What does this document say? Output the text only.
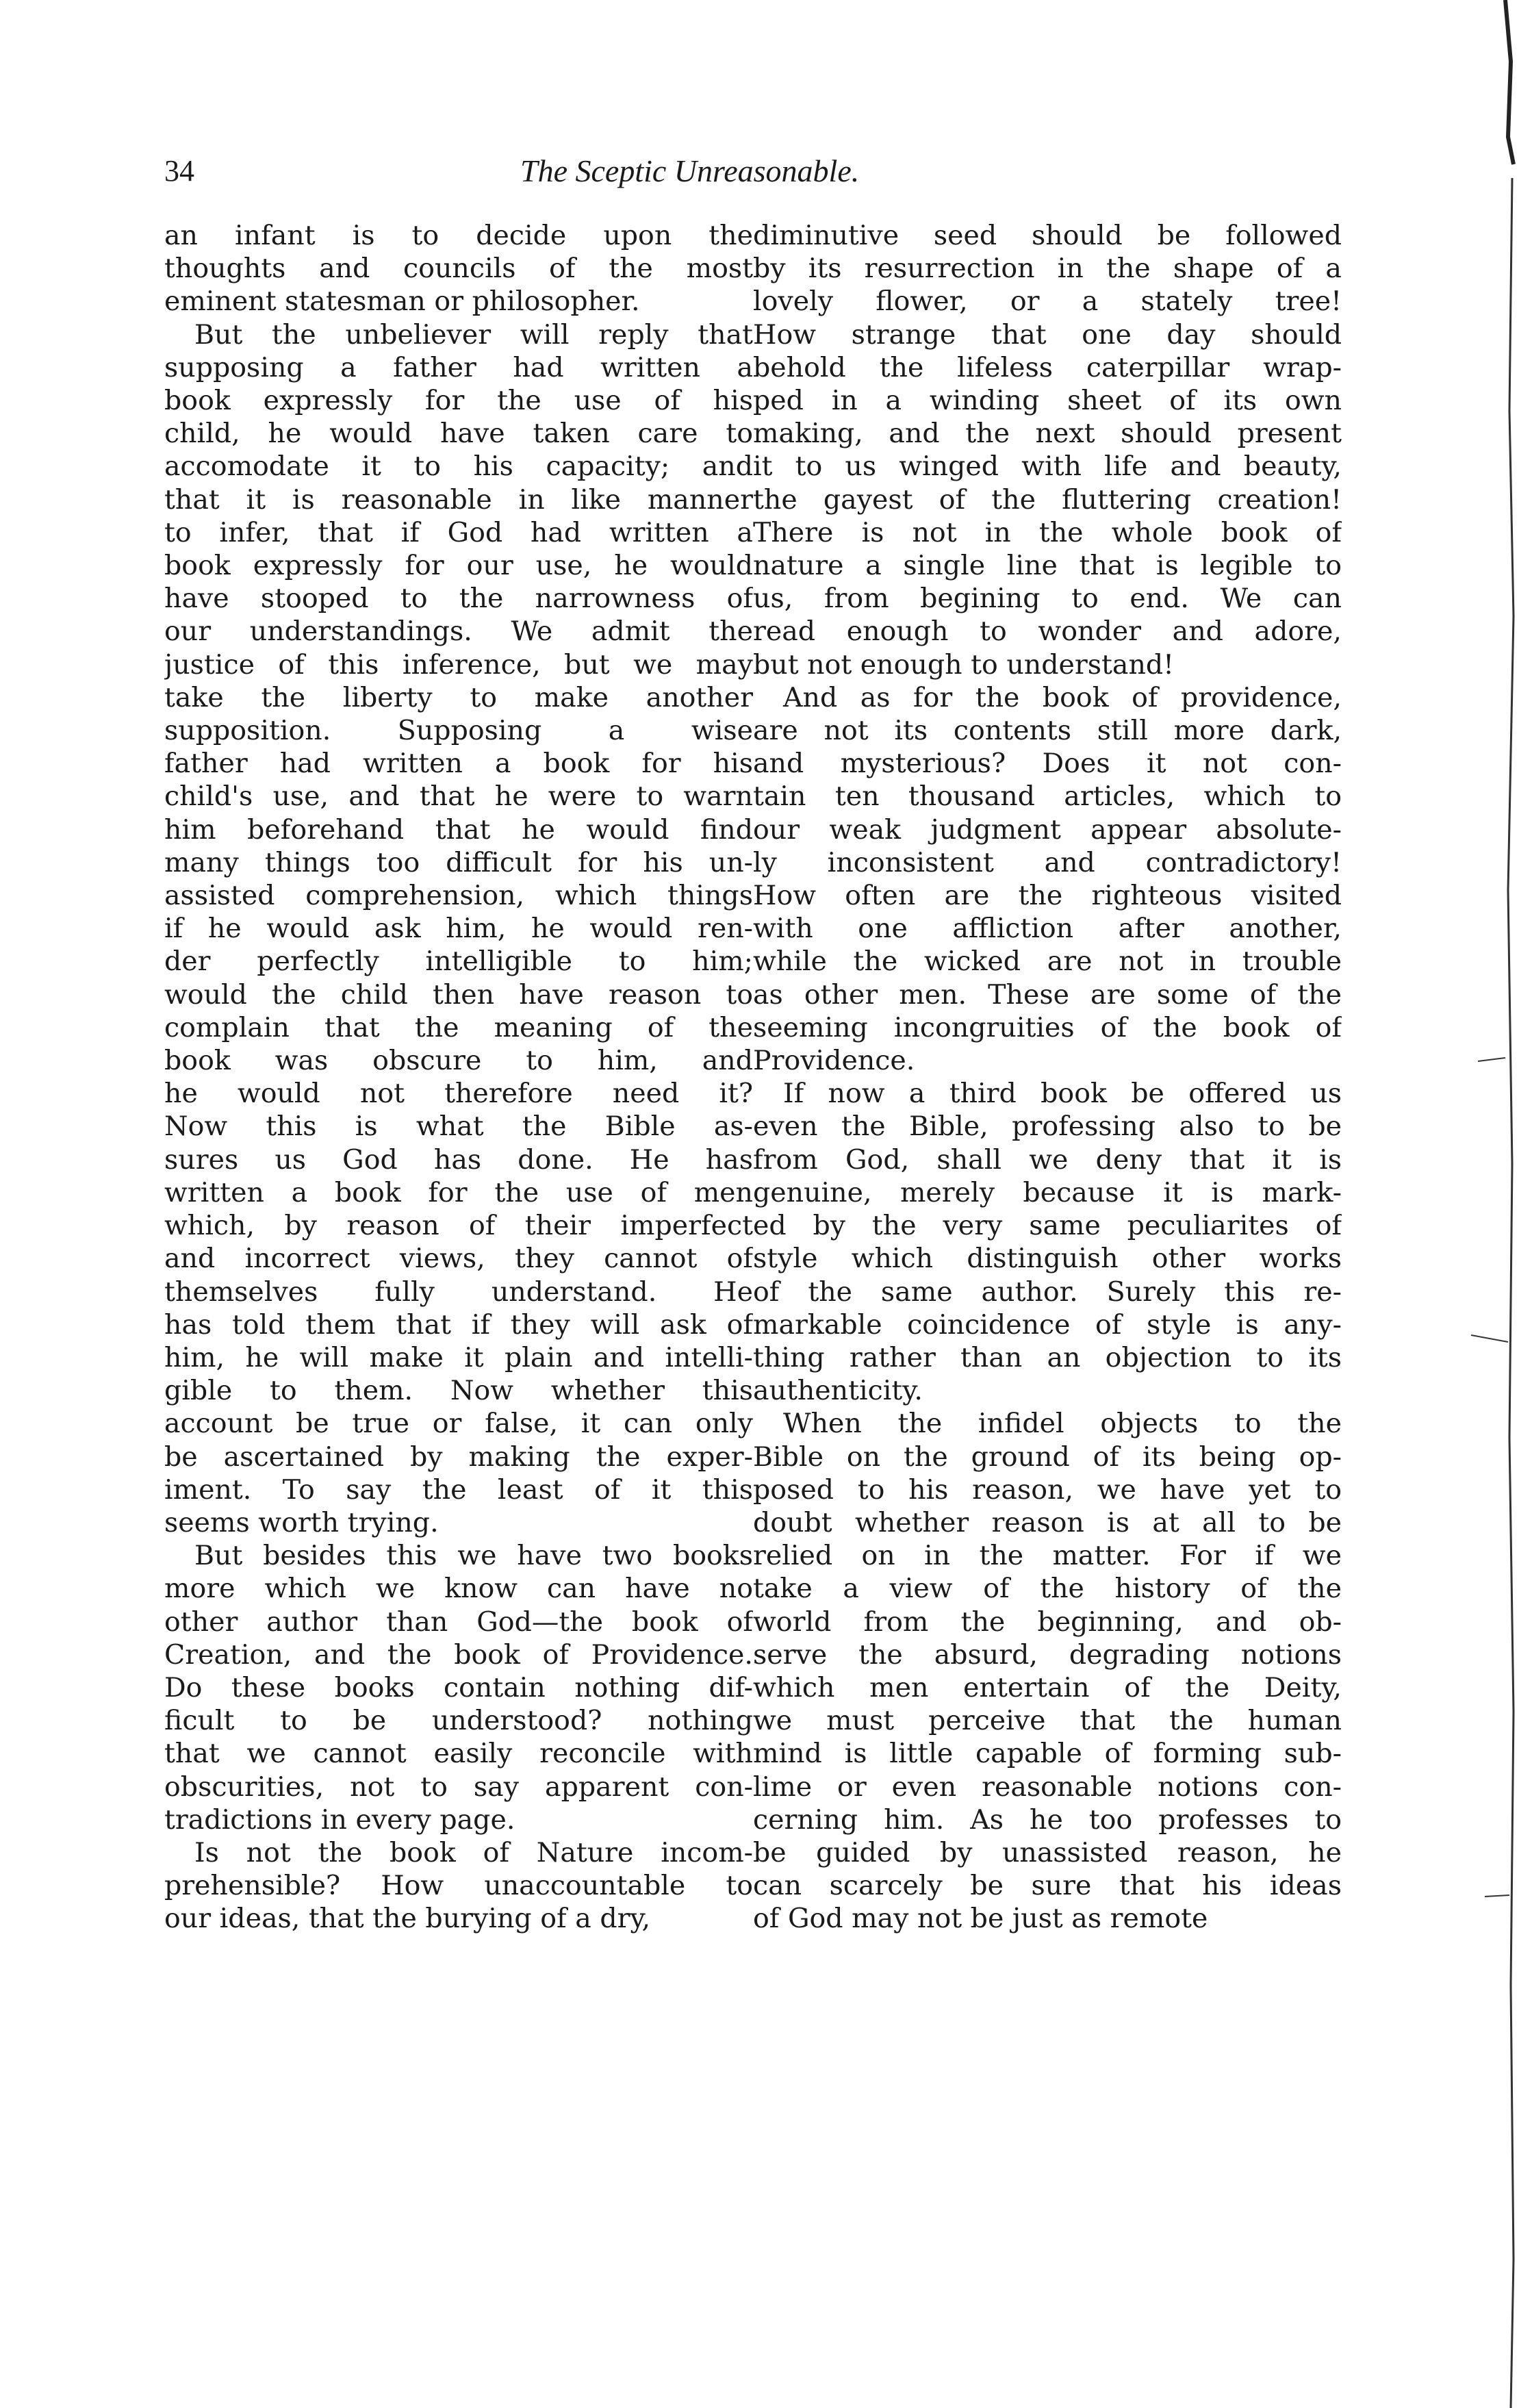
34	The Sceptic Unreasonable.
an infant is to decide upon the
thoughts and councils of the most
eminent statesman or philosopher.
But the unbeliever will reply that
supposing a father had written a
book expressly for the use of his
child, he would have taken care to
accomodate it to his capacity; and
that it is reasonable in like manner
to infer, that if God had written a
book expressly for our use, he would
have stooped to the narrowness of
our understandings. We admit the
justice of this inference, but we may
take the liberty to make another
supposition. Supposing a wise
father had written a book for his
child's use, and that he were to warn
him beforehand that he would find
many things too difficult for his un-
assisted comprehension, which things
if he would ask him, he would ren-
der perfectly intelligible to him;
would the child then have reason to
complain that the meaning of the
book was obscure to him, and
he would not therefore need it?
Now this is what the Bible as-
sures us God has done. He has
written a book for the use of men
which, by reason of their imperfect
and incorrect views, they cannot of
themselves fully understand. He
has told them that if they will ask of
him, he will make it plain and intelli-
gible to them. Now whether this
account be true or false, it can only
be ascertained by making the exper-
iment. To say the least of it this
seems worth trying.
But besides this we have two books
more which we know can have no
other author than God—the book of
Creation, and the book of Providence.
Do these books contain nothing dif-
ficult to be understood? nothing
that we cannot easily reconcile with
obscurities, not to say apparent con-
tradictions in every page.
Is not the book of Nature incom-
prehensible? How unaccountable to
our ideas, that the burying of a dry,
diminutive seed should be followed
by its resurrection in the shape of a
lovely flower, or a stately tree!
How strange that one day should
behold the lifeless caterpillar wrap-
ped in a winding sheet of its own
making, and the next should present
it to us winged with life and beauty,
the gayest of the fluttering creation!
There is not in the whole book of
nature a single line that is legible to
us, from begining to end. We can
read enough to wonder and adore,
but not enough to understand!
And as for the book of providence,
are not its contents still more dark,
and mysterious? Does it not con-
tain ten thousand articles, which to
our weak judgment appear absolute-
ly inconsistent and contradictory!
How often are the righteous visited
with one affliction after another,
while the wicked are not in trouble
as other men. These are some of the
seeming incongruities of the book of
Providence.
If now a third book be offered us
even the Bible, professing also to be
from God, shall we deny that it is
genuine, merely because it is mark-
ed by the very same peculiarites of
style which distinguish other works
of the same author. Surely this re-
markable coincidence of style is any-
thing rather than an objection to its
authenticity.
When the infidel objects to the
Bible on the ground of its being op-
posed to his reason, we have yet to
doubt whether reason is at all to be
relied on in the matter. For if we
take a view of the history of the
world from the beginning, and ob-
serve the absurd, degrading notions
which men entertain of the Deity,
we must perceive that the human
mind is little capable of forming sub-
lime or even reasonable notions con-
cerning him. As he too professes to
be guided by unassisted reason, he
can scarcely be sure that his ideas
of God may not be just as remote
